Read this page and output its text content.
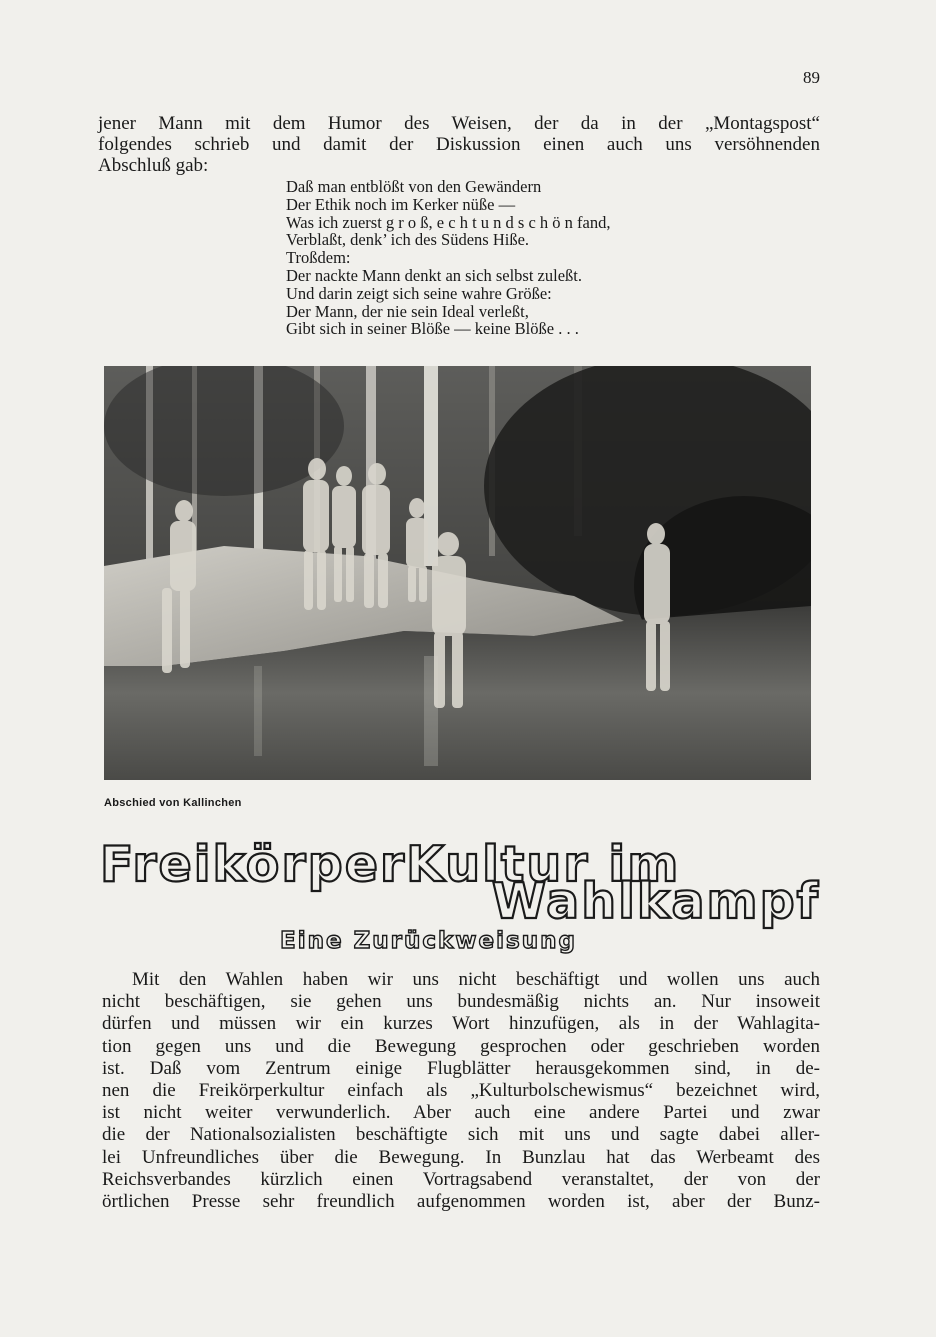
89
jener Mann mit dem Humor des Weisen, der da in der „Montagspost“
folgendes schrieb und damit der Diskussion einen auch uns versöhnenden
Abschluß gab:
Daß man entblößt von den Gewändern
Der Ethik noch im Kerker nüße —
Was ich zuerst g r o ß, e c h t u n d s c h ö n fand,
Verblaßt, denk’ ich des Südens Hiße.
Troßdem:
Der nackte Mann denkt an sich selbst zuleßt.
Und darin zeigt sich seine wahre Größe:
Der Mann, der nie sein Ideal verleßt,
Gibt sich in seiner Blöße — keine Blöße . . .
Abschied von Kallinchen
FreikörperKultur im
Wahlkampf
Eine Zurückweisung
Mit den Wahlen haben wir uns nicht beschäftigt und wollen uns auch
nicht beschäftigen, sie gehen uns bundesmäßig nichts an. Nur insoweit
dürfen und müssen wir ein kurzes Wort hinzufügen, als in der Wahlagita-
tion gegen uns und die Bewegung gesprochen oder geschrieben worden
ist. Daß vom Zentrum einige Flugblätter herausgekommen sind, in de-
nen die Freikörperkultur einfach als „Kulturbolschewismus“ bezeichnet wird,
ist nicht weiter verwunderlich. Aber auch eine andere Partei und zwar
die der Nationalsozialisten beschäftigte sich mit uns und sagte dabei aller-
lei Unfreundliches über die Bewegung. In Bunzlau hat das Werbeamt des
Reichsverbandes kürzlich einen Vortragsabend veranstaltet, der von der
örtlichen Presse sehr freundlich aufgenommen worden ist, aber der Bunz-
